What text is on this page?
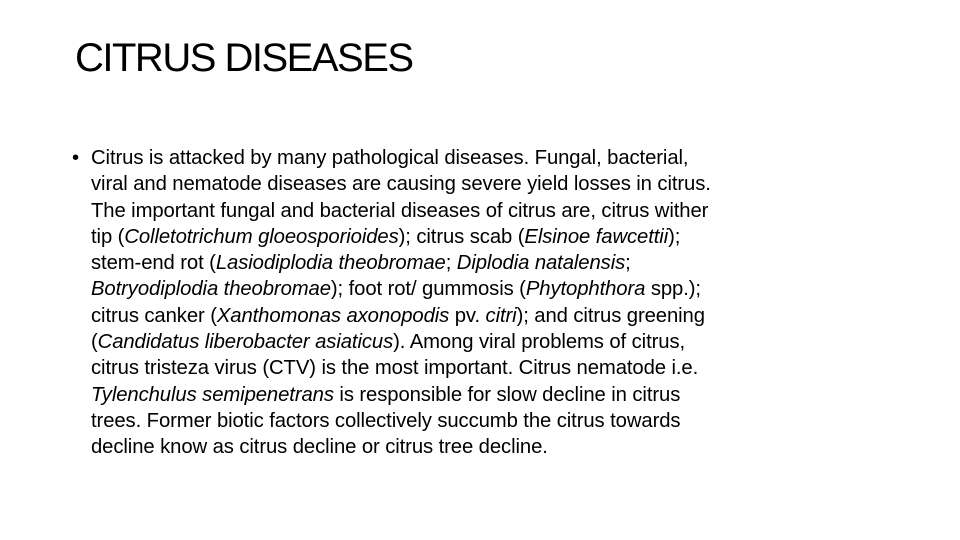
CITRUS DISEASES
• Citrus is attacked by many pathological diseases. Fungal, bacterial,
viral and nematode diseases are causing severe yield losses in citrus.
The important fungal and bacterial diseases of citrus are, citrus wither
tip (Colletotrichum gloeosporioides); citrus scab (Elsinoe fawcettii);
stem-end rot (Lasiodiplodia theobromae; Diplodia natalensis;
Botryodiplodia theobromae); foot rot/ gummosis (Phytophthora spp.);
citrus canker (Xanthomonas axonopodis pv. citri); and citrus greening
(Candidatus liberobacter asiaticus). Among viral problems of citrus,
citrus tristeza virus (CTV) is the most important. Citrus nematode i.e.
Tylenchulus semipenetrans is responsible for slow decline in citrus
trees. Former biotic factors collectively succumb the citrus towards
decline know as citrus decline or citrus tree decline.
